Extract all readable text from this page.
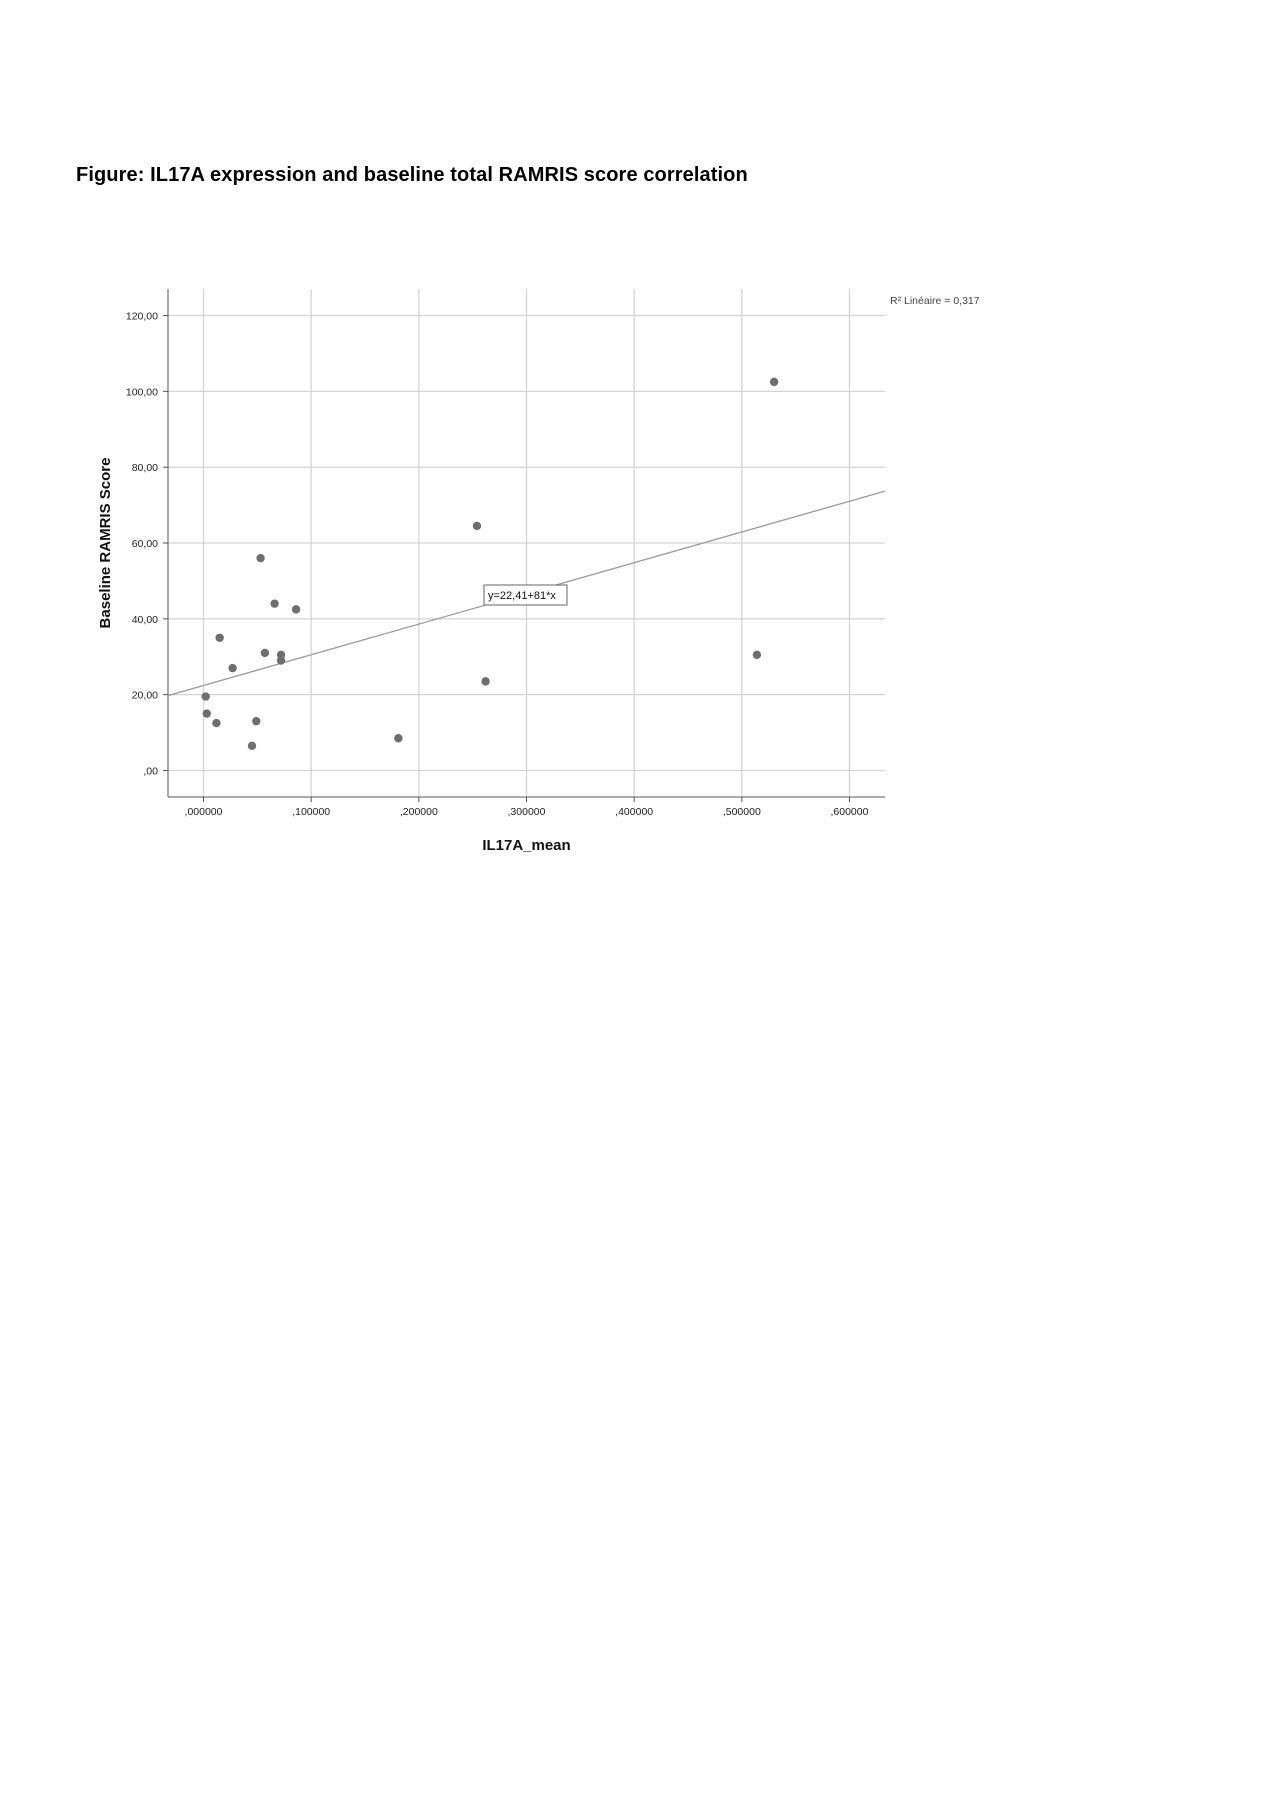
Figure: IL17A expression and baseline total RAMRIS score correlation
,000000	,100000	,200000	,300000	,400000	,500000	,600000
,00
20,00
40,00
60,00
80,00
100,00
120,00
y=22,41+81*x
R² Linéaire = 0,317
IL17A_mean
Baseline RAMRIS Score
